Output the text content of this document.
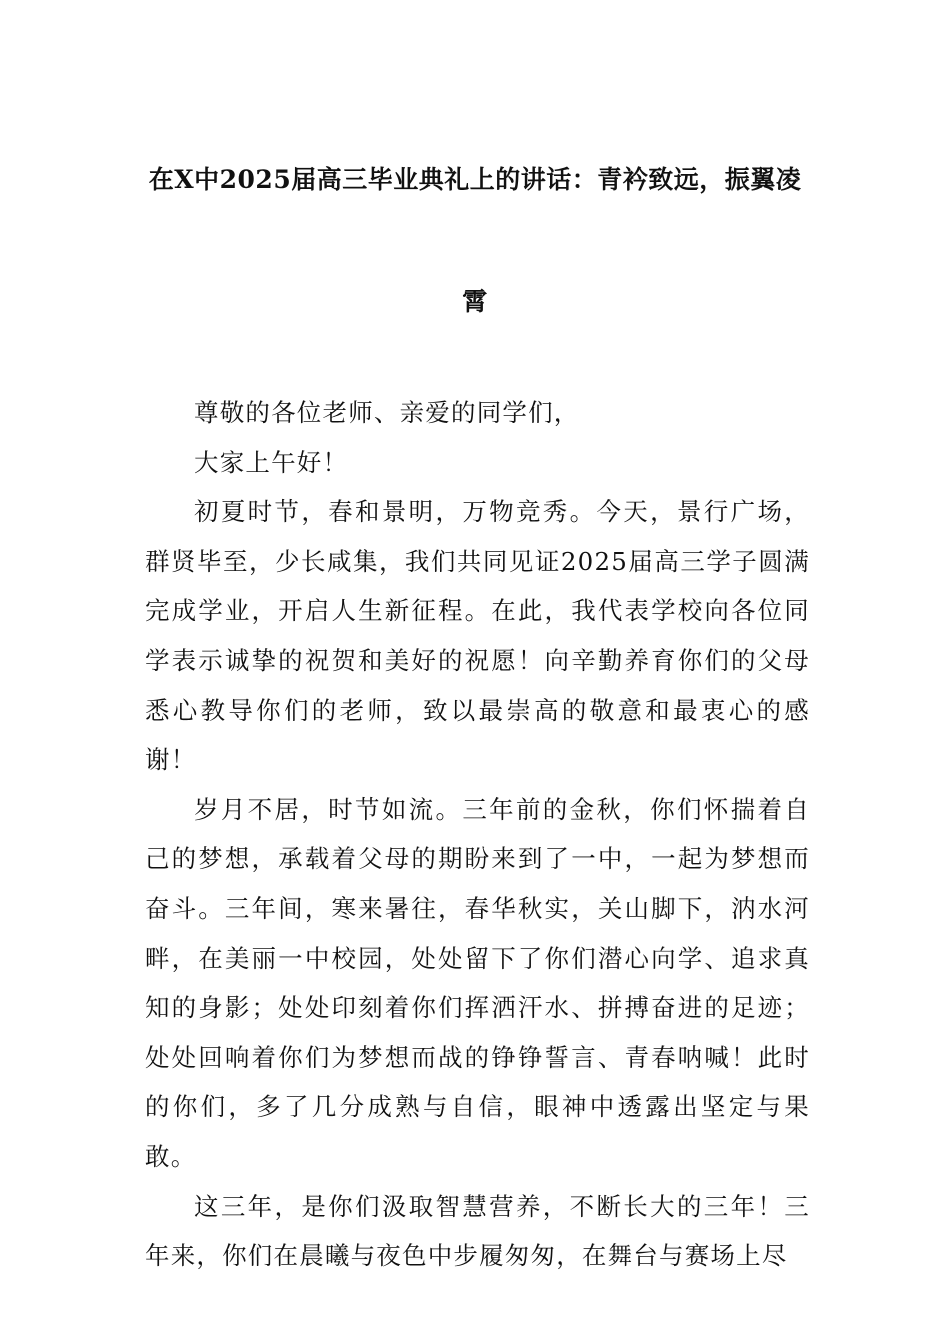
在X中2025届高三毕业典礼上的讲话：青衿致远，振翼凌
霄

尊敬的各位老师、亲爱的同学们，

大家上午好！

初夏时节，春和景明，万物竞秀。今天，景行广场，群贤毕至，少长咸集，我们共同见证2025届高三学子圆满完成学业，开启人生新征程。在此，我代表学校向各位同学表示诚挚的祝贺和美好的祝愿！向辛勤养育你们的父母悉心教导你们的老师，致以最崇高的敬意和最衷心的感谢！

岁月不居，时节如流。三年前的金秋，你们怀揣着自己的梦想，承载着父母的期盼来到了一中，一起为梦想而奋斗。三年间，寒来暑往，春华秋实，关山脚下，汭水河畔，在美丽一中校园，处处留下了你们潜心向学、追求真知的身影；处处印刻着你们挥洒汗水、拼搏奋进的足迹；处处回响着你们为梦想而战的铮铮誓言、青春呐喊！此时的你们，多了几分成熟与自信，眼神中透露出坚定与果敢。

这三年，是你们汲取智慧营养，不断长大的三年！三年来，你们在晨曦与夜色中步履匆匆，在舞台与赛场上尽
